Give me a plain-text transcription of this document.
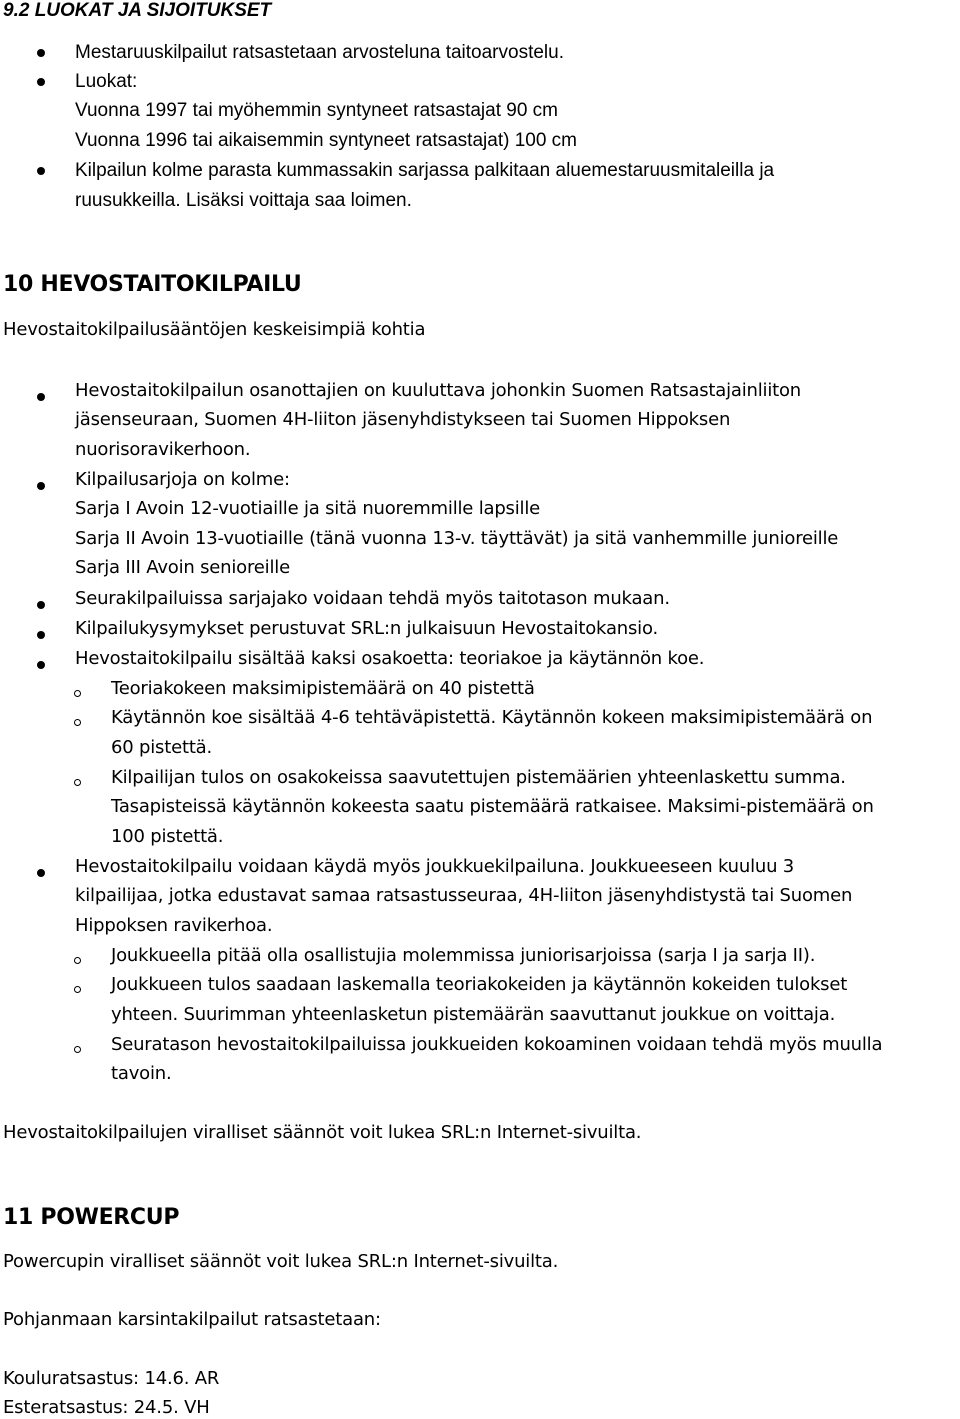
9.2 LUOKAT JA SIJOITUKSET
Mestaruuskilpailut ratsastetaan arvosteluna taitoarvostelu.
Luokat:
Vuonna 1997 tai myöhemmin syntyneet ratsastajat 90 cm
Vuonna 1996 tai aikaisemmin syntyneet ratsastajat) 100 cm
Kilpailun kolme parasta kummassakin sarjassa palkitaan aluemestaruusmitaleilla ja
ruusukkeilla. Lisäksi voittaja saa loimen.
10 HEVOSTAITOKILPAILU
Hevostaitokilpailusääntöjen keskeisimpiä kohtia
Hevostaitokilpailun osanottajien on kuuluttava johonkin Suomen Ratsastajainliiton
jäsenseuraan, Suomen 4H-liiton jäsenyhdistykseen tai Suomen Hippoksen
nuorisoravikerhoon.
Kilpailusarjoja on kolme:
Sarja I Avoin 12-vuotiaille ja sitä nuoremmille lapsille
Sarja II Avoin 13-vuotiaille (tänä vuonna 13-v. täyttävät) ja sitä vanhemmille junioreille
Sarja III Avoin senioreille
Seurakilpailuissa sarjajako voidaan tehdä myös taitotason mukaan.
Kilpailukysymykset perustuvat SRL:n julkaisuun Hevostaitokansio.
Hevostaitokilpailu sisältää kaksi osakoetta: teoriakoe ja käytännön koe.
Teoriakokeen maksimipistemäärä on 40 pistettä
Käytännön koe sisältää 4-6 tehtäväpistettä. Käytännön kokeen maksimipistemäärä on
60 pistettä.
Kilpailijan tulos on osakokeissa saavutettujen pistemäärien yhteenlaskettu summa.
Tasapisteissä käytännön kokeesta saatu pistemäärä ratkaisee. Maksimi-pistemäärä on
100 pistettä.
Hevostaitokilpailu voidaan käydä myös joukkuekilpailuna. Joukkueeseen kuuluu 3
kilpailijaa, jotka edustavat samaa ratsastusseuraa, 4H-liiton jäsenyhdistystä tai Suomen
Hippoksen ravikerhoa.
Joukkueella pitää olla osallistujia molemmissa juniorisarjoissa (sarja I ja sarja II).
Joukkueen tulos saadaan laskemalla teoriakokeiden ja käytännön kokeiden tulokset
yhteen. Suurimman yhteenlasketun pistemäärän saavuttanut joukkue on voittaja.
Seuratason hevostaitokilpailuissa joukkueiden kokoaminen voidaan tehdä myös muulla
tavoin.
Hevostaitokilpailujen viralliset säännöt voit lukea SRL:n Internet-sivuilta.
11 POWERCUP
Powercupin viralliset säännöt voit lukea SRL:n Internet-sivuilta.
Pohjanmaan karsintakilpailut ratsastetaan:
Kouluratsastus: 14.6. AR
Esteratsastus: 24.5. VH
